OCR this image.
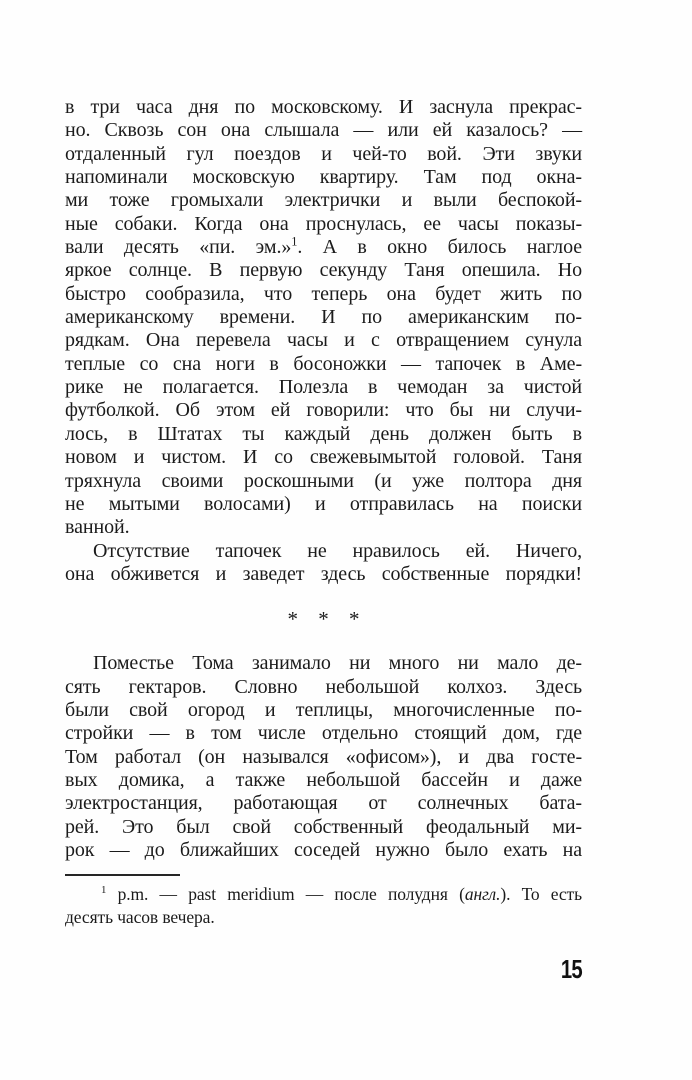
в три часа дня по московскому. И заснула прекрас-
но. Сквозь сон она слышала — или ей казалось? —
отдаленный гул поездов и чей-то вой. Эти звуки
напоминали московскую квартиру. Там под окна-
ми тоже громыхали электрички и выли беспокой-
ные собаки. Когда она проснулась, ее часы показы-
вали десять «пи. эм.»$^1$. А в окно билось наглое
яркое солнце. В первую секунду Таня опешила. Но
быстро сообразила, что теперь она будет жить по
американскому времени. И по американским по-
рядкам. Она перевела часы и с отвращением сунула
теплые со сна ноги в босоножки — тапочек в Аме-
рике не полагается. Полезла в чемодан за чистой
футболкой. Об этом ей говорили: что бы ни случи-
лось, в Штатах ты каждый день должен быть в
новом и чистом. И со свежевымытой головой. Таня
тряхнула своими роскошными (и уже полтора дня
не мытыми волосами) и отправилась на поиски
ванной.
Отсутствие тапочек не нравилось ей. Ничего,
она обживется и заведет здесь собственные порядки!
* * *
Поместье Тома занимало ни много ни мало де-
сять гектаров. Словно небольшой колхоз. Здесь
были свой огород и теплицы, многочисленные по-
стройки — в том числе отдельно стоящий дом, где
Том работал (он назывался «офисом»), и два госте-
вых домика, а также небольшой бассейн и даже
электростанция, работающая от солнечных бата-
рей. Это был свой собственный феодальный ми-
рок — до ближайших соседей нужно было ехать на
$^1$ p.m. — past meridium — после полудня (англ.). То есть
десять часов вечера.
15
